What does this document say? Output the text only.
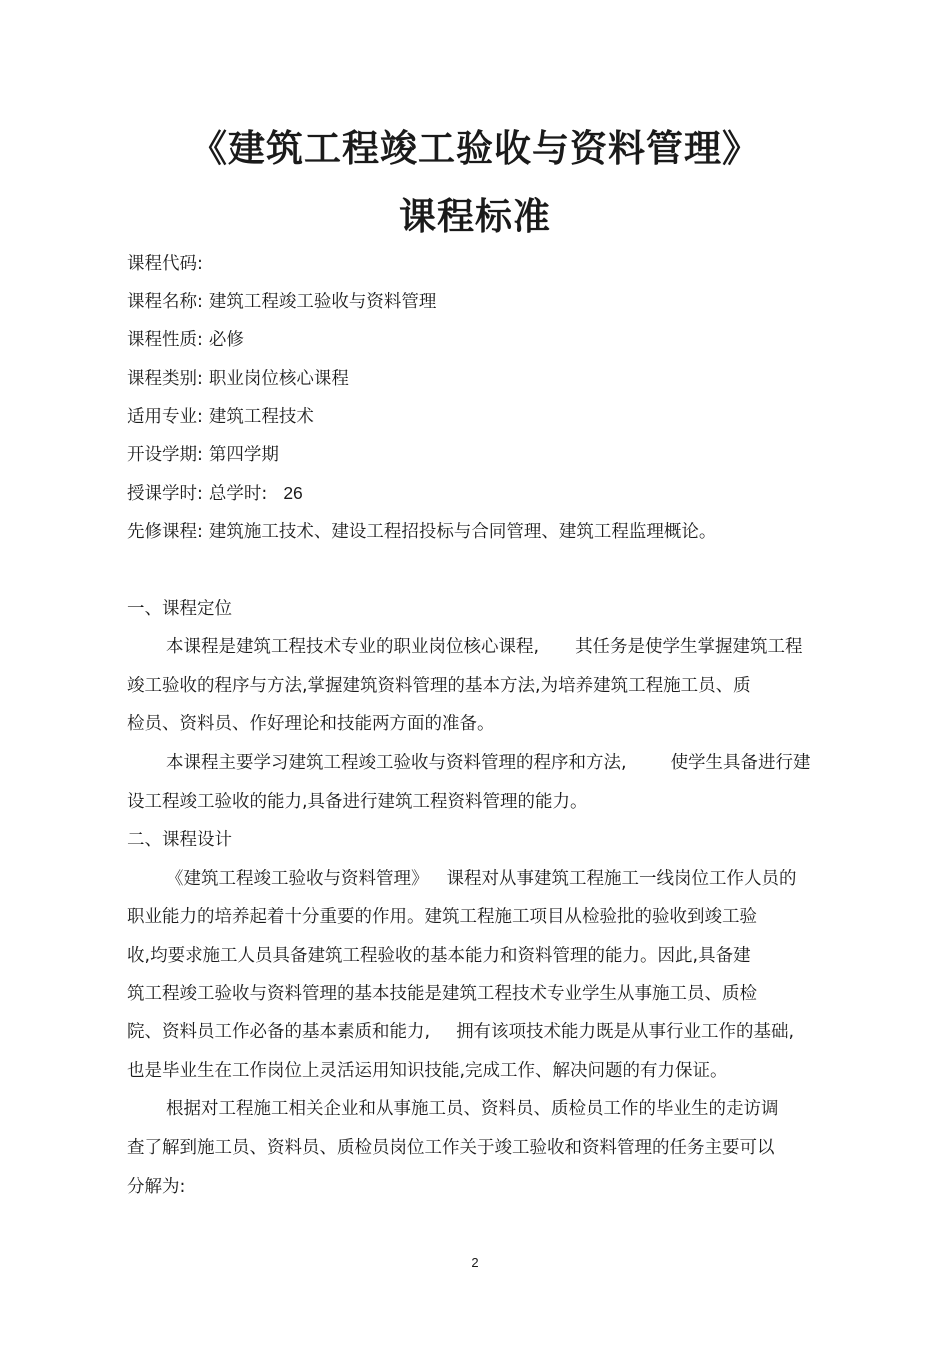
《建筑工程竣工验收与资料管理》
课程标准
课程代码:
课程名称: 建筑工程竣工验收与资料管理
课程性质: 必修
课程类别: 职业岗位核心课程
适用专业: 建筑工程技术
开设学期: 第四学期
授课学时: 总学时: 26
先修课程: 建筑施工技术、建设工程招投标与合同管理、建筑工程监理概论。
一、课程定位
本课程是建筑工程技术专业的职业岗位核心课程, 其任务是使学生掌握建筑工程
竣工验收的程序与方法,掌握建筑资料管理的基本方法,为培养建筑工程施工员、质
检员、资料员、作好理论和技能两方面的准备。
本课程主要学习建筑工程竣工验收与资料管理的程序和方法,	使学生具备进行建
设工程竣工验收的能力,具备进行建筑工程资料管理的能力。
二、课程设计
《建筑工程竣工验收与资料管理》 课程对从事建筑工程施工一线岗位工作人员的
职业能力的培养起着十分重要的作用。建筑工程施工项目从检验批的验收到竣工验
收,均要求施工人员具备建筑工程验收的基本能力和资料管理的能力。因此,具备建
筑工程竣工验收与资料管理的基本技能是建筑工程技术专业学生从事施工员、质检
院、资料员工作必备的基本素质和能力, 拥有该项技术能力既是从事行业工作的基础,
也是毕业生在工作岗位上灵活运用知识技能,完成工作、解决问题的有力保证。
根据对工程施工相关企业和从事施工员、资料员、质检员工作的毕业生的走访调
查了解到施工员、资料员、质检员岗位工作关于竣工验收和资料管理的任务主要可以
分解为:
2
